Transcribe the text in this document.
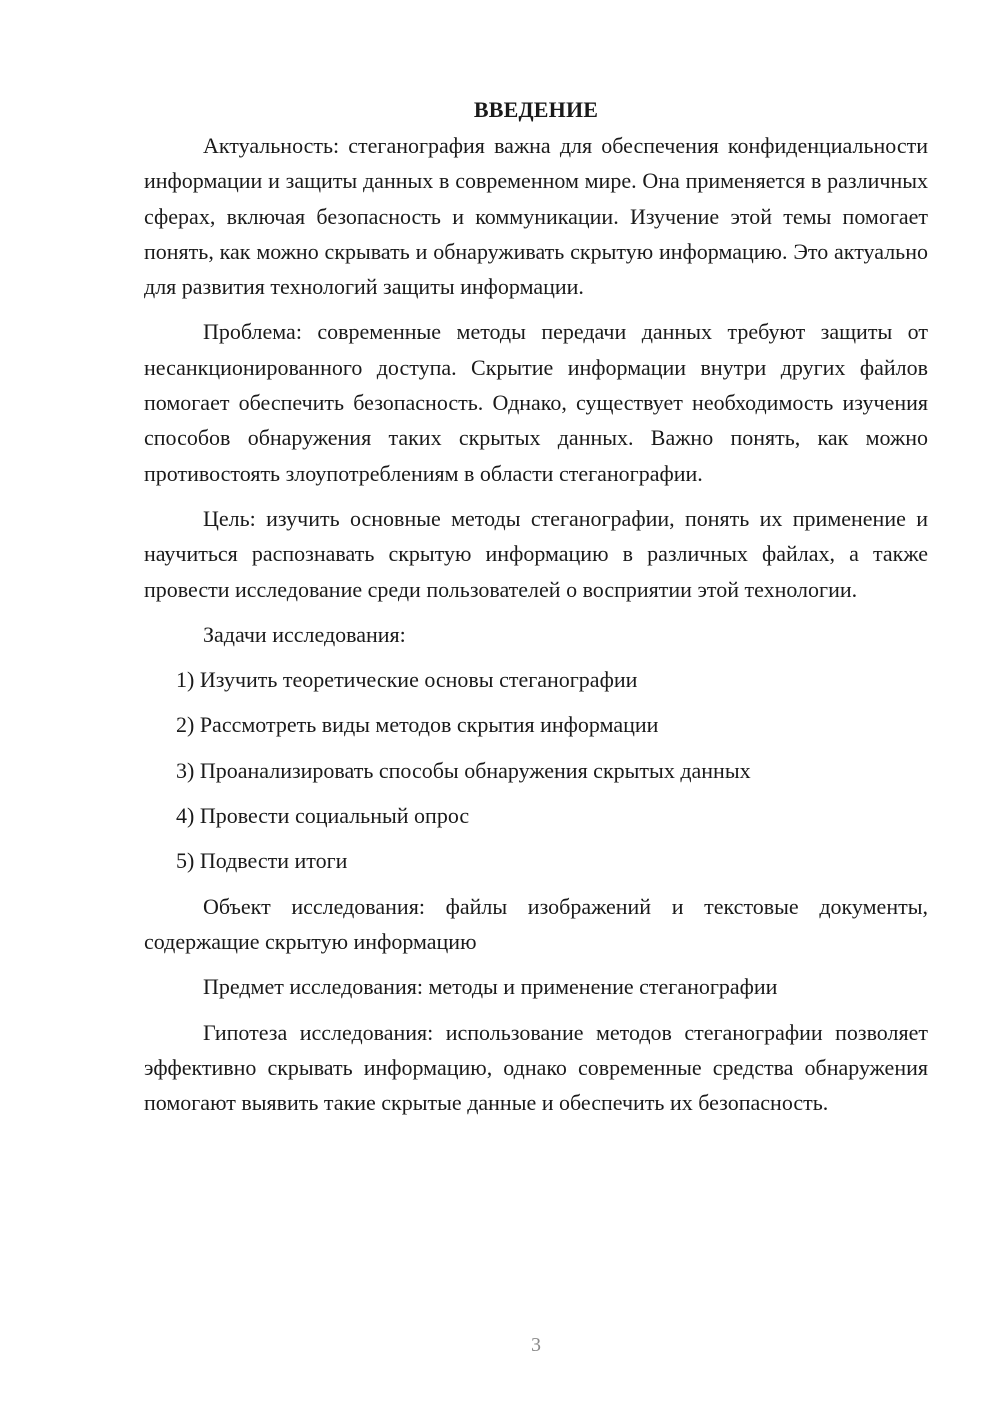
ВВЕДЕНИЕ

Актуальность: стеганография важна для обеспечения конфиденциальности информации и защиты данных в современном мире. Она применяется в различных сферах, включая безопасность и коммуникации. Изучение этой темы помогает понять, как можно скрывать и обнаруживать скрытую информацию. Это актуально для развития технологий защиты информации.

Проблема: современные методы передачи данных требуют защиты от несанкционированного доступа. Скрытие информации внутри других файлов помогает обеспечить безопасность. Однако, существует необходимость изучения способов обнаружения таких скрытых данных. Важно понять, как можно противостоять злоупотреблениям в области стеганографии.

Цель: изучить основные методы стеганографии, понять их применение и научиться распознавать скрытую информацию в различных файлах, а также провести исследование среди пользователей о восприятии этой технологии.

Задачи исследования:

1) Изучить теоретические основы стеганографии
2) Рассмотреть виды методов скрытия информации
3) Проанализировать способы обнаружения скрытых данных
4) Провести социальный опрос
5) Подвести итоги

Объект исследования: файлы изображений и текстовые документы, содержащие скрытую информацию

Предмет исследования: методы и применение стеганографии

Гипотеза исследования: использование методов стеганографии позволяет эффективно скрывать информацию, однако современные средства обнаружения помогают выявить такие скрытые данные и обеспечить их безопасность.

3
